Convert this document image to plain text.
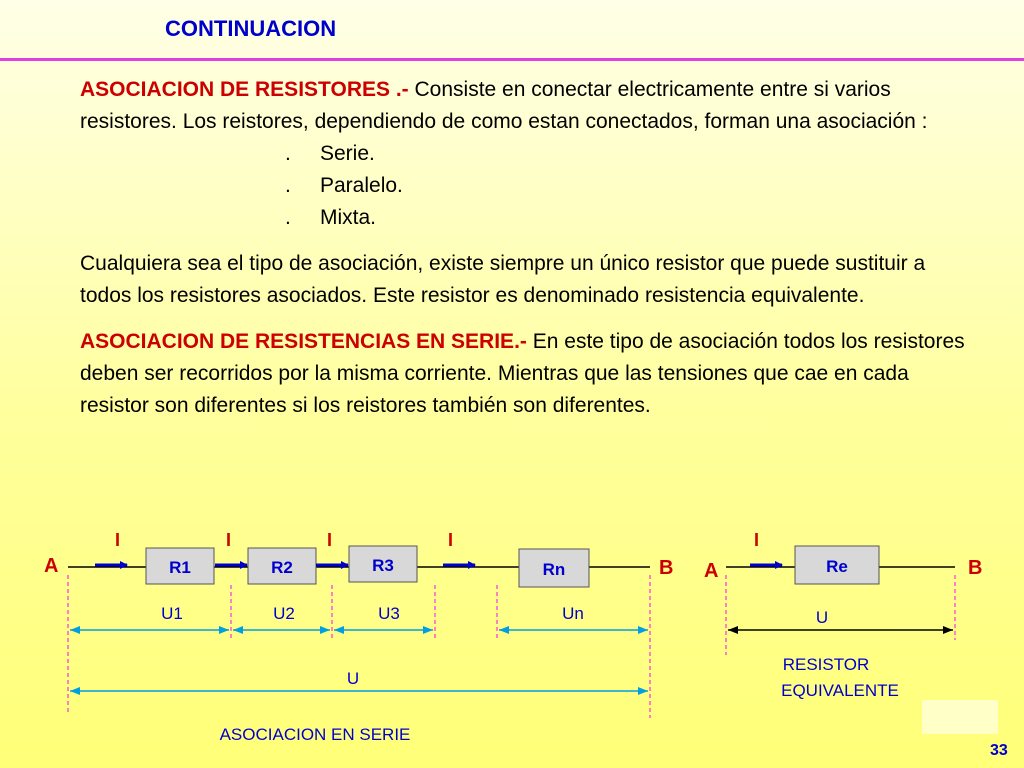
CONTINUACION

ASOCIACION DE RESISTORES .- Consiste en conectar electricamente entre si varios resistores. Los reistores, dependiendo de como estan conectados, forman una asociación :

. Serie.
. Paralelo.
. Mixta.

Cualquiera sea el tipo de asociación, existe siempre un único resistor que puede sustituir a todos los resistores asociados. Este resistor es denominado resistencia equivalente.

ASOCIACION DE RESISTENCIAS EN SERIE.- En este tipo de asociación todos los resistores deben ser recorridos por la misma corriente. Mientras que las tensiones que cae en cada resistor son diferentes si los reistores también son diferentes.

A	B
R1	R2	R3	Rn
I	I	I	I
U1	U2	U3	Un
U
ASOCIACION EN SERIE
A	B
Re
I
U
RESISTOR
EQUIVALENTE
33
